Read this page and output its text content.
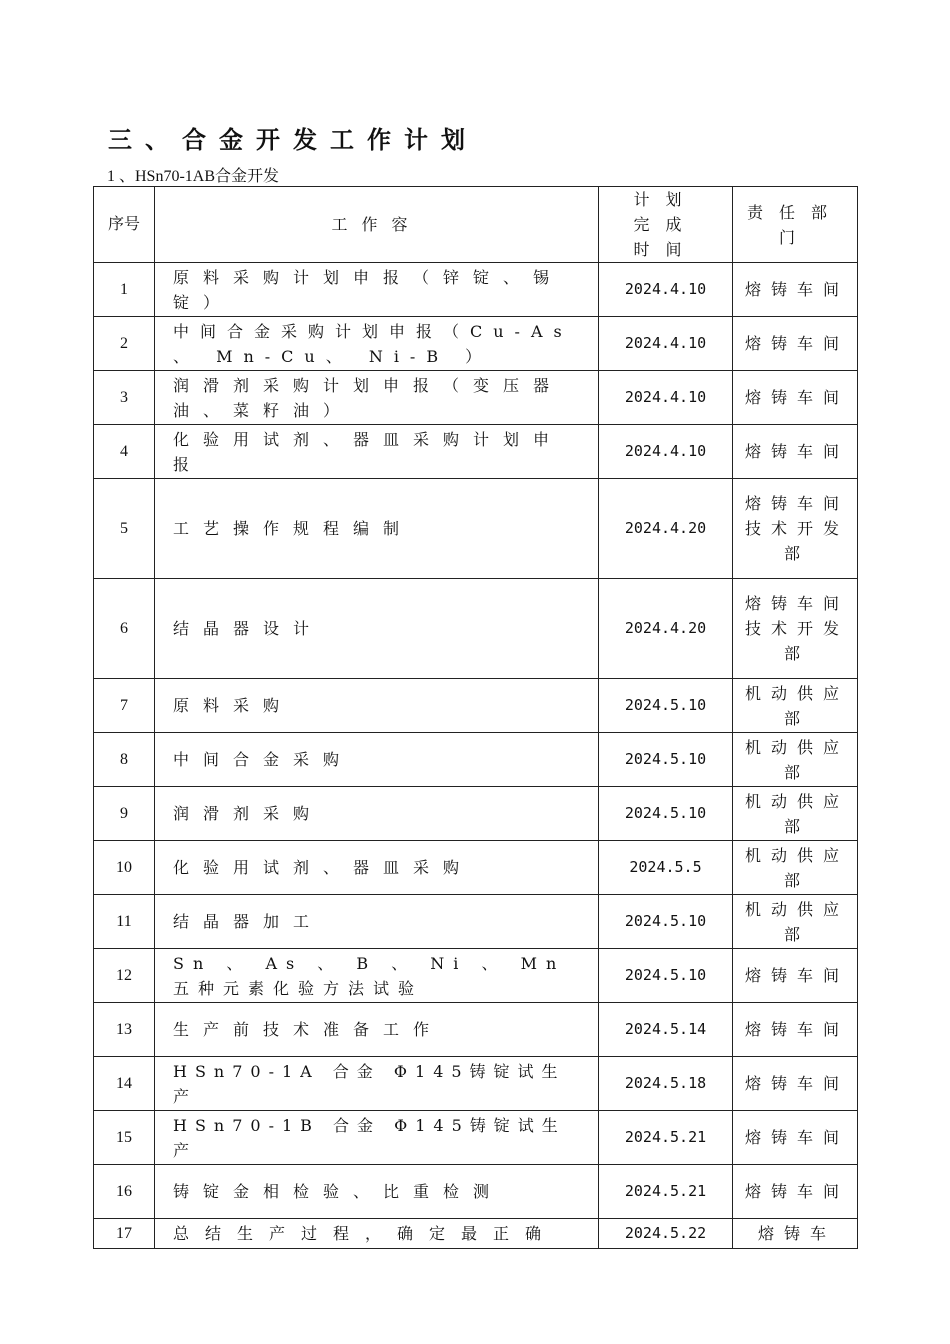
三、合金开发工作计划
1 、HSn70-1AB合金开发
序号	工作容	计划完成时间	责任部门
1	原料采购计划申报（锌锭、锡锭）	2024.4.10	熔铸车间
2	中间合金采购计划申报（Cu-As 、 Mn-Cu、 Ni-B ）	2024.4.10	熔铸车间
3	润滑剂采购计划申报（变压器油、菜籽油）	2024.4.10	熔铸车间
4	化验用试剂、器皿采购计划申报	2024.4.10	熔铸车间
5	工艺操作规程编制	2024.4.20	熔铸车间 技术开发部
6	结晶器设计	2024.4.20	熔铸车间 技术开发部
7	原料采购	2024.5.10	机动供应部
8	中间合金采购	2024.5.10	机动供应部
9	润滑剂采购	2024.5.10	机动供应部
10	化验用试剂、器皿采购	2024.5.5	机动供应部
11	结晶器加工	2024.5.10	机动供应部
12	Sn 、 As 、 B 、 Ni 、 Mn 五种元素化验方法试验	2024.5.10	熔铸车间
13	生产前技术准备工作	2024.5.14	熔铸车间
14	HSn70-1A 合金 Φ145铸锭试生产	2024.5.18	熔铸车间
15	HSn70-1B 合金 Φ145铸锭试生产	2024.5.21	熔铸车间
16	铸锭金相检验、比重检测	2024.5.21	熔铸车间
17	总结生产过程，确定最正确	2024.5.22	熔铸车
